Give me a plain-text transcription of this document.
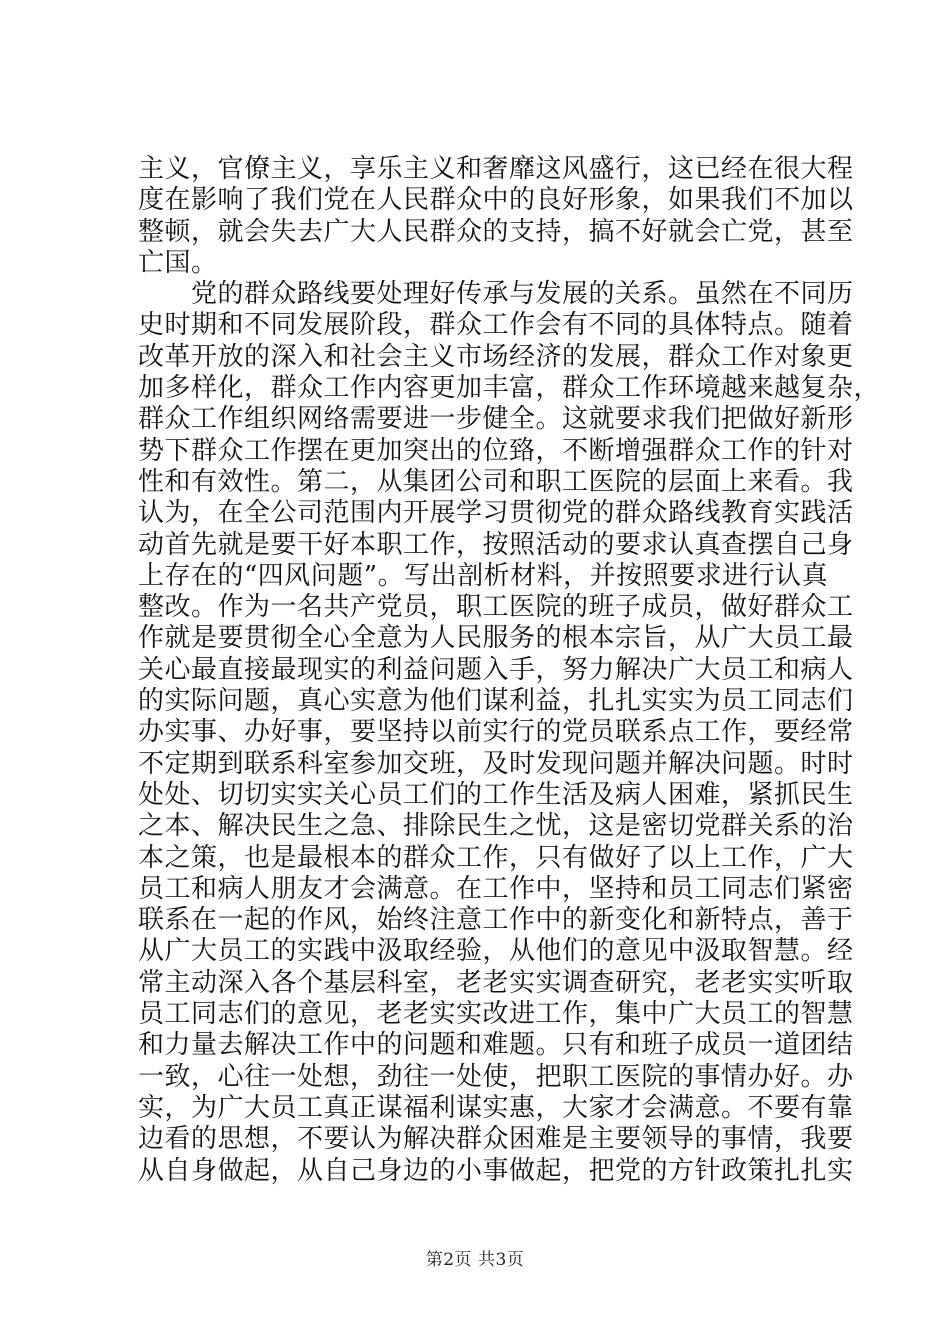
主义，官僚主义，享乐主义和奢靡这风盛行，这已经在很大程
度在影响了我们党在人民群众中的良好形象，如果我们不加以
整顿，就会失去广大人民群众的支持，搞不好就会亡党，甚至
亡国。
　　党的群众路线要处理好传承与发展的关系。虽然在不同历
史时期和不同发展阶段，群众工作会有不同的具体特点。随着
改革开放的深入和社会主义市场经济的发展，群众工作对象更
加多样化，群众工作内容更加丰富，群众工作环境越来越复杂，
群众工作组织网络需要进一步健全。这就要求我们把做好新形
势下群众工作摆在更加突出的位臵，不断增强群众工作的针对
性和有效性。第二，从集团公司和职工医院的层面上来看。我
认为，在全公司范围内开展学习贯彻党的群众路线教育实践活
动首先就是要干好本职工作，按照活动的要求认真查摆自己身
上存在的“四风问题”。写出剖析材料，并按照要求进行认真
整改。作为一名共产党员，职工医院的班子成员，做好群众工
作就是要贯彻全心全意为人民服务的根本宗旨，从广大员工最
关心最直接最现实的利益问题入手，努力解决广大员工和病人
的实际问题，真心实意为他们谋利益，扎扎实实为员工同志们
办实事、办好事，要坚持以前实行的党员联系点工作，要经常
不定期到联系科室参加交班，及时发现问题并解决问题。时时
处处、切切实实关心员工们的工作生活及病人困难，紧抓民生
之本、解决民生之急、排除民生之忧，这是密切党群关系的治
本之策，也是最根本的群众工作，只有做好了以上工作，广大
员工和病人朋友才会满意。在工作中，坚持和员工同志们紧密
联系在一起的作风，始终注意工作中的新变化和新特点，善于
从广大员工的实践中汲取经验，从他们的意见中汲取智慧。经
常主动深入各个基层科室，老老实实调查研究，老老实实听取
员工同志们的意见，老老实实改进工作，集中广大员工的智慧
和力量去解决工作中的问题和难题。只有和班子成员一道团结
一致，心往一处想，劲往一处使，把职工医院的事情办好。办
实，为广大员工真正谋福利谋实惠，大家才会满意。不要有靠
边看的思想，不要认为解决群众困难是主要领导的事情，我要
从自身做起，从自己身边的小事做起，把党的方针政策扎扎实
第2页 共3页
